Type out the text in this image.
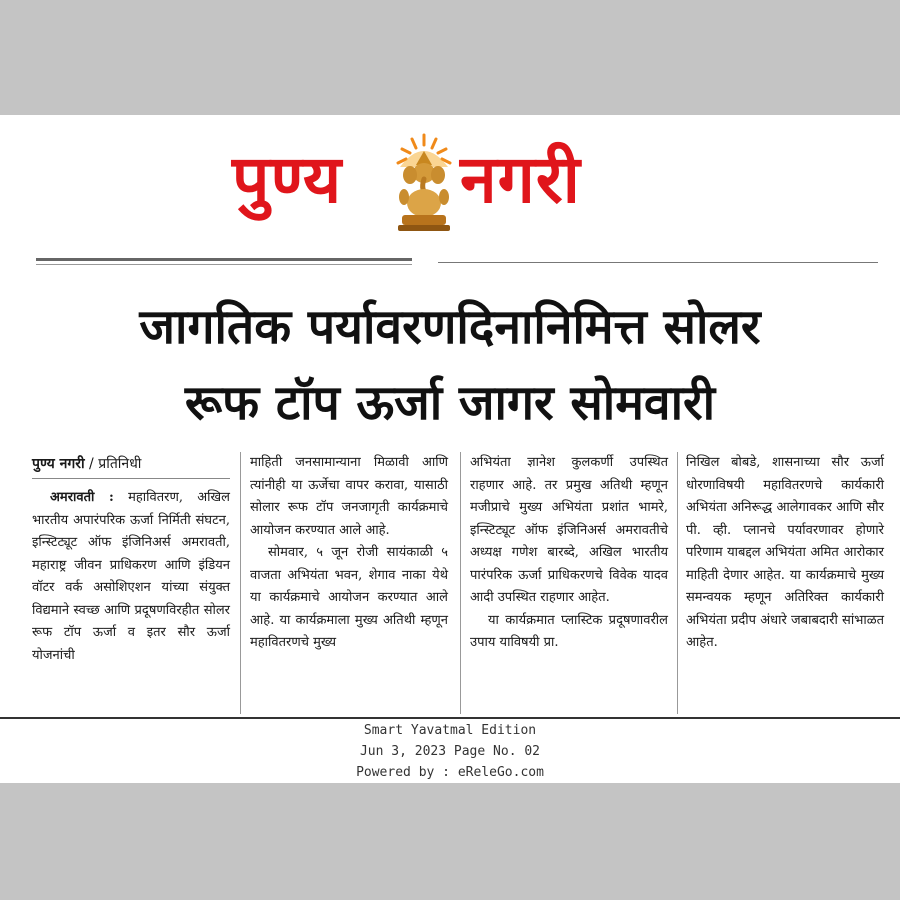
पुण्य नगरी
जागतिक पर्यावरणदिनानिमित्त सोलर
रूफ टॉप ऊर्जा जागर सोमवारी
पुण्य नगरी / प्रतिनिधी

अमरावती : महावितरण, अखिल भारतीय अपारंपरिक ऊर्जा निर्मिती संघटन, इन्स्टिट्यूट ऑफ इंजिनिअर्स अमरावती, महाराष्ट्र जीवन प्राधिकरण आणि इंडियन वॉटर वर्क असोशिएशन यांच्या संयुक्त विद्यमाने स्वच्छ आणि प्रदूषणविरहीत सोलर रूफ टॉप ऊर्जा व इतर सौर ऊर्जा योजनांची

माहिती जनसामान्याना मिळावी आणि त्यांनीही या ऊर्जेचा वापर करावा, यासाठी सोलार रूफ टॉप जनजागृती कार्यक्रमाचे आयोजन करण्यात आले आहे.

सोमवार, ५ जून रोजी सायंकाळी ५ वाजता अभियंता भवन, शेगाव नाका येथे या कार्यक्रमाचे आयोजन करण्यात आले आहे. या कार्यक्रमाला मुख्य अतिथी म्हणून महावितरणचे मुख्य

अभियंता ज्ञानेश कुलकर्णी उपस्थित राहणार आहे. तर प्रमुख अतिथी म्हणून मजीप्राचे मुख्य अभियंता प्रशांत भामरे, इन्स्टिट्यूट ऑफ इंजिनिअर्स अमरावतीचे अध्यक्ष गणेश बारब्दे, अखिल भारतीय पारंपरिक ऊर्जा प्राधिकरणचे विवेक यादव आदी उपस्थित राहणार आहेत.

या कार्यक्रमात प्लास्टिक प्रदूषणावरील उपाय याविषयी प्रा.

निखिल बोबडे, शासनाच्या सौर ऊर्जा धोरणाविषयी महावितरणचे कार्यकारी अभियंता अनिरूद्ध आलेगावकर आणि सौर पी. व्ही. प्लानचे पर्यावरणावर होणारे परिणाम याबद्दल अभियंता अमित आरोकार माहिती देणार आहेत. या कार्यक्रमाचे मुख्य समन्वयक म्हणून अतिरिक्त कार्यकारी अभियंता प्रदीप अंधारे जबाबदारी सांभाळत आहेत.

Smart Yavatmal Edition
Jun 3, 2023 Page No. 02
Powered by : eReleGo.com
